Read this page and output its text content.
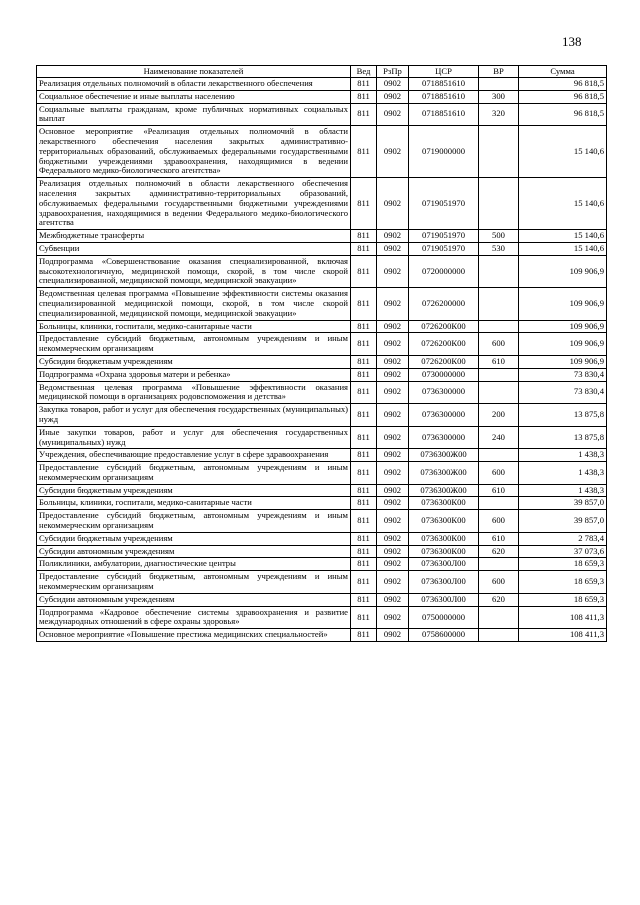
138
Наименование показателей	Вед	РзПр	ЦСР	ВР	Сумма
Реализация отдельных полномочий в области лекарственного обеспечения	811	0902	0718851610		96 818,5
Социальное обеспечение и иные выплаты населению	811	0902	0718851610	300	96 818,5
Социальные выплаты гражданам, кроме публичных нормативных социальных выплат	811	0902	0718851610	320	96 818,5
Основное мероприятие «Реализация отдельных полномочий в области лекарственного обеспечения населения закрытых административно-территориальных образований, обслуживаемых федеральными государственными бюджетными учреждениями здравоохранения, находящимися в ведении Федерального медико-биологического агентства»	811	0902	0719000000		15 140,6
Реализация отдельных полномочий в области лекарственного обеспечения населения закрытых административно-территориальных образований, обслуживаемых федеральными государственными бюджетными учреждениями здравоохранения, находящимися в ведении Федерального медико-биологического агентства	811	0902	0719051970		15 140,6
Межбюджетные трансферты	811	0902	0719051970	500	15 140,6
Субвенции	811	0902	0719051970	530	15 140,6
Подпрограмма «Совершенствование оказания специализированной, включая высокотехнологичную, медицинской помощи, скорой, в том числе скорой специализированной, медицинской помощи, медицинской эвакуации»	811	0902	0720000000		109 906,9
Ведомственная целевая программа «Повышение эффективности системы оказания специализированной медицинской помощи, скорой, в том числе скорой специализированной, медицинской помощи, медицинской эвакуации»	811	0902	0726200000		109 906,9
Больницы, клиники, госпитали, медико-санитарные части	811	0902	0726200К00		109 906,9
Предоставление субсидий бюджетным, автономным учреждениям и иным некоммерческим организациям	811	0902	0726200К00	600	109 906,9
Субсидии бюджетным учреждениям	811	0902	0726200К00	610	109 906,9
Подпрограмма «Охрана здоровья матери и ребенка»	811	0902	0730000000		73 830,4
Ведомственная целевая программа «Повышение эффективности оказания медицинской помощи в организациях родовспоможения и детства»	811	0902	0736300000		73 830,4
Закупка товаров, работ и услуг для обеспечения государственных (муниципальных) нужд	811	0902	0736300000	200	13 875,8
Иные закупки товаров, работ и услуг для обеспечения государственных (муниципальных) нужд	811	0902	0736300000	240	13 875,8
Учреждения, обеспечивающие предоставление услуг в сфере здравоохранения	811	0902	0736300Ж00		1 438,3
Предоставление субсидий бюджетным, автономным учреждениям и иным некоммерческим организациям	811	0902	0736300Ж00	600	1 438,3
Субсидии бюджетным учреждениям	811	0902	0736300Ж00	610	1 438,3
Больницы, клиники, госпитали, медико-санитарные части	811	0902	0736300К00		39 857,0
Предоставление субсидий бюджетным, автономным учреждениям и иным некоммерческим организациям	811	0902	0736300К00	600	39 857,0
Субсидии бюджетным учреждениям	811	0902	0736300К00	610	2 783,4
Субсидии автономным учреждениям	811	0902	0736300К00	620	37 073,6
Поликлиники, амбулатории, диагностические центры	811	0902	0736300Л00		18 659,3
Предоставление субсидий бюджетным, автономным учреждениям и иным некоммерческим организациям	811	0902	0736300Л00	600	18 659,3
Субсидии автономным учреждениям	811	0902	0736300Л00	620	18 659,3
Подпрограмма «Кадровое обеспечение системы здравоохранения и развитие международных отношений в сфере охраны здоровья»	811	0902	0750000000		108 411,3
Основное мероприятие «Повышение престижа медицинских специальностей»	811	0902	0758600000		108 411,3
